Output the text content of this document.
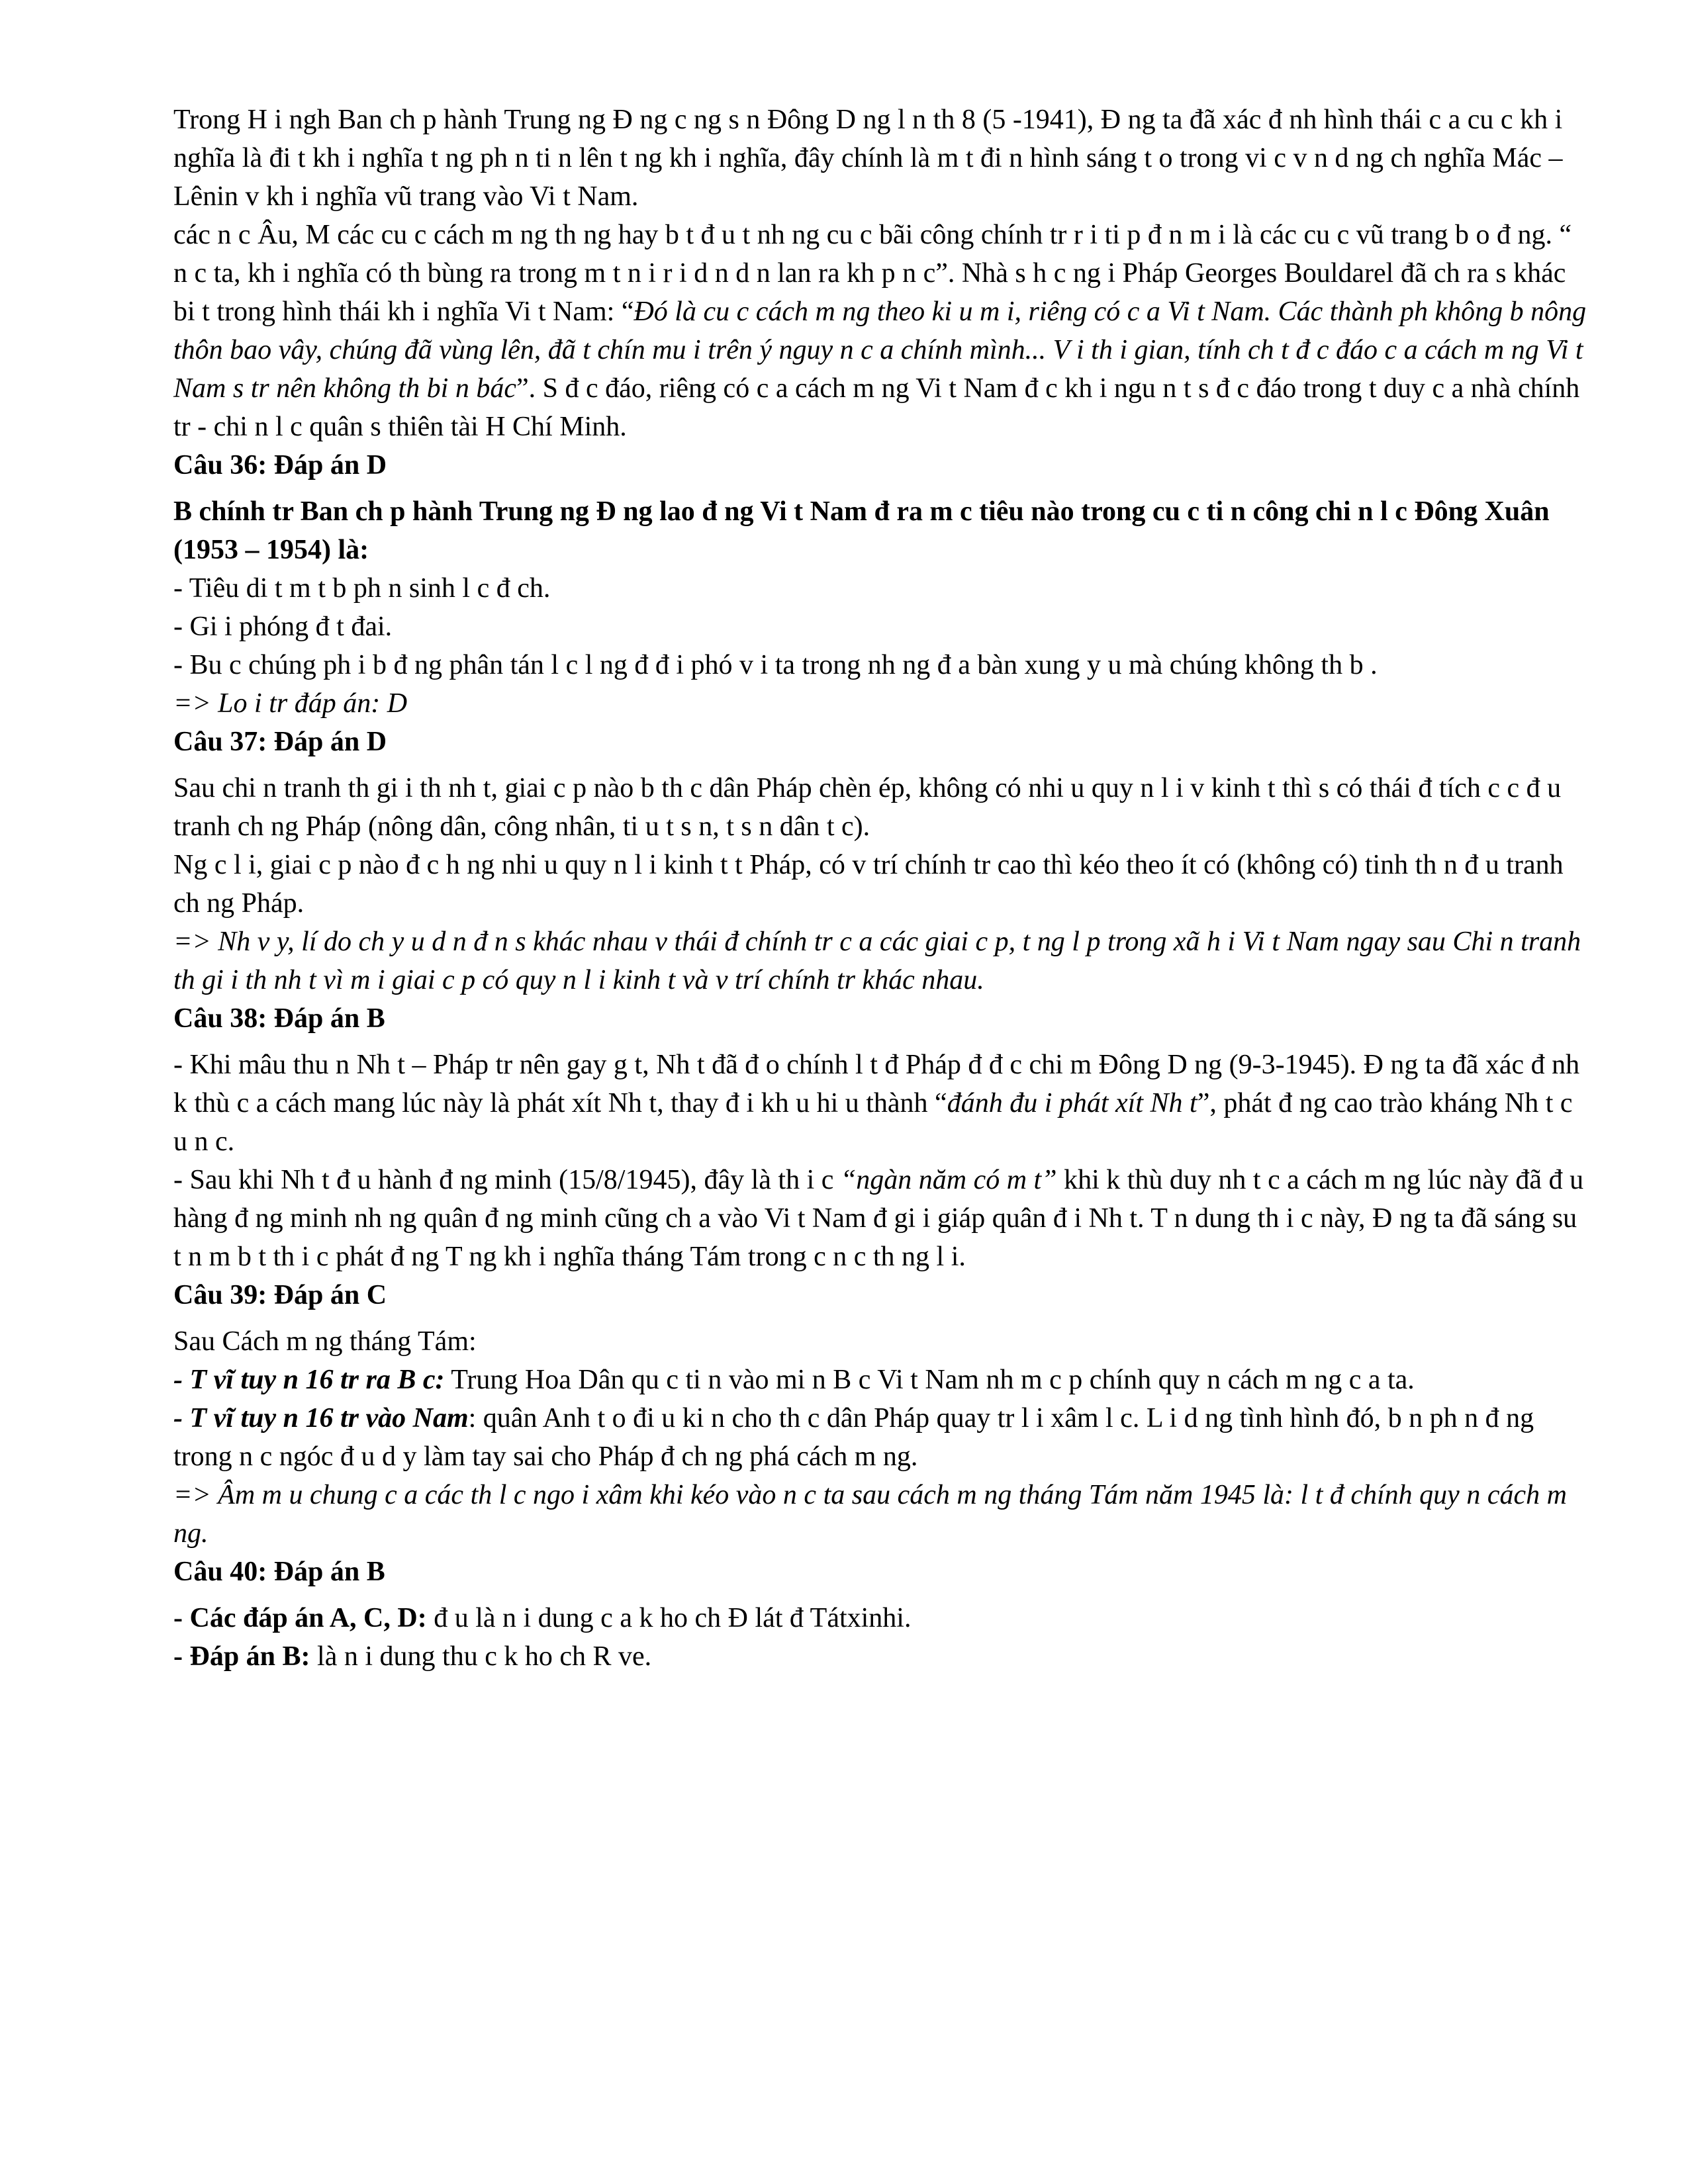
Trong H i ngh Ban ch p hành Trung ng Đ ng c ng s n Đông D ng l n th 8 (5 -1941), Đ ng ta đã xác đ nh hình thái c a cu c kh i nghĩa là đi t kh i nghĩa t ng ph n ti n lên t ng kh i nghĩa, đây chính là m t đi n hình sáng t o trong vi c v n d ng ch nghĩa Mác – Lênin v kh i nghĩa vũ trang vào Vi t Nam.

các n c Âu, M các cu c cách m ng th ng hay b t đ u t nh ng cu c bãi công chính tr r i ti p đ n m i là các cu c vũ trang b o đ ng. “ n c ta, kh i nghĩa có th bùng ra trong m t n i r i d n d n lan ra kh p n c”. Nhà s h c ng i Pháp Georges Bouldarel đã ch ra s khác bi t trong hình thái kh i nghĩa Vi t Nam: “Đó là cu c cách m ng theo ki u m i, riêng có c a Vi t Nam. Các thành ph không b nông thôn bao vây, chúng đã vùng lên, đã t chín mu i trên ý nguy n c a chính mình... V i th i gian, tính ch t đ c đáo c a cách m ng Vi t Nam s tr nên không th bi n bác”. S đ c đáo, riêng có c a cách m ng Vi t Nam đ c kh i ngu n t s đ c đáo trong t duy c a nhà chính tr - chi n l c quân s thiên tài H Chí Minh.

Câu 36: Đáp án D

B chính tr Ban ch p hành Trung ng Đ ng lao đ ng Vi t Nam đ ra m c tiêu nào trong cu c ti n công chi n l c Đông Xuân (1953 – 1954) là:

- Tiêu di t m t b ph n sinh l c đ ch.

- Gi i phóng đ t đai.

- Bu c chúng ph i b đ ng phân tán l c l ng đ đ i phó v i ta trong nh ng đ a bàn xung y u mà chúng không th b .

=> Lo i tr đáp án: D

Câu 37: Đáp án D

Sau chi n tranh th gi i th nh t, giai c p nào b th c dân Pháp chèn ép, không có nhi u quy n l i v kinh t thì s có thái đ tích c c đ u tranh ch ng Pháp (nông dân, công nhân, ti u t s n, t s n dân t c).

Ng c l i, giai c p nào đ c h ng nhi u quy n l i kinh t t Pháp, có v trí chính tr cao thì kéo theo ít có (không có) tinh th n đ u tranh ch ng Pháp.

=> Nh v y, lí do ch y u d n đ n s khác nhau v thái đ chính tr c a các giai c p, t ng l p trong xã h i Vi t Nam ngay sau Chi n tranh th gi i th nh t vì m i giai c p có quy n l i kinh t và v trí chính tr khác nhau.

Câu 38: Đáp án B

- Khi mâu thu n Nh t – Pháp tr nên gay g t, Nh t đã đ o chính l t đ Pháp đ đ c chi m Đông D ng (9-3-1945). Đ ng ta đã xác đ nh k thù c a cách mang lúc này là phát xít Nh t, thay đ i kh u hi u thành “đánh đu i phát xít Nh t”, phát đ ng cao trào kháng Nh t c u n c.

- Sau khi Nh t đ u hành đ ng minh (15/8/1945), đây là th i c “ngàn năm có m t” khi k thù duy nh t c a cách m ng lúc này đã đ u hàng đ ng minh nh ng quân đ ng minh cũng ch a vào Vi t Nam đ gi i giáp quân đ i Nh t. T n dung th i c này, Đ ng ta đã sáng su t n m b t th i c phát đ ng T ng kh i nghĩa tháng Tám trong c n c th ng l i.

Câu 39: Đáp án C

Sau Cách m ng tháng Tám:

- T vĩ tuy n 16 tr ra B c: Trung Hoa Dân qu c ti n vào mi n B c Vi t Nam nh m c p chính quy n cách m ng c a ta.

- T vĩ tuy n 16 tr vào Nam: quân Anh t o đi u ki n cho th c dân Pháp quay tr l i xâm l c. L i d ng tình hình đó, b n ph n đ ng trong n c ngóc đ u d y làm tay sai cho Pháp đ ch ng phá cách m ng.

=> Âm m u chung c a các th l c ngo i xâm khi kéo vào n c ta sau cách m ng tháng Tám năm 1945 là: l t đ chính quy n cách m ng.

Câu 40: Đáp án B

- Các đáp án A, C, D: đ u là n i dung c a k ho ch Đ lát đ Tátxinhi.

- Đáp án B: là n i dung thu c k ho ch R ve.
